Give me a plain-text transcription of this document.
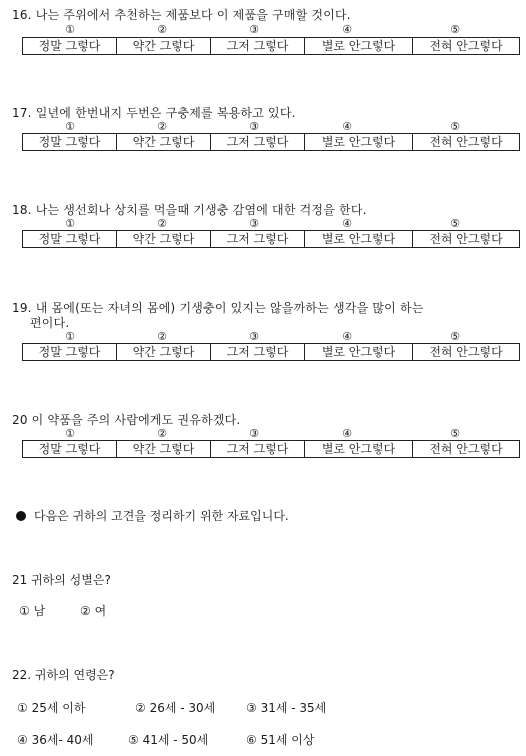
16. 나는 주위에서 추천하는 제품보다 이 제품을 구매할 것이다.
①	②	③	④	⑤
정말 그렇다	약간 그렇다	그저 그렇다	별로 안그렇다	전혀 안그렇다
17. 일년에 한번내지 두번은 구충제를 복용하고 있다.
①	②	③	④	⑤
정말 그렇다	약간 그렇다	그저 그렇다	별로 안그렇다	전혀 안그렇다
18. 나는 생선회나 상치를 먹을때 기생충 감염에 대한 걱정을 한다.
①	②	③	④	⑤
정말 그렇다	약간 그렇다	그저 그렇다	별로 안그렇다	전혀 안그렇다
19. 내 몸에(또는 자녀의 몸에) 기생충이 있지는 않을까하는 생각을 많이 하는
편이다.
①	②	③	④	⑤
정말 그렇다	약간 그렇다	그저 그렇다	별로 안그렇다	전혀 안그렇다
20 이 약품을 주의 사람에게도 권유하겠다.
①	②	③	④	⑤
정말 그렇다	약간 그렇다	그저 그렇다	별로 안그렇다	전혀 안그렇다
다음은 귀하의 고견을 정리하기 위한 자료입니다.
21 귀하의 성별은?
① 남	② 여
22. 귀하의 연령은?
① 25세 이하	② 26세 - 30세	③ 31세 - 35세
④ 36세- 40세	⑤ 41세 - 50세	⑥ 51세 이상
